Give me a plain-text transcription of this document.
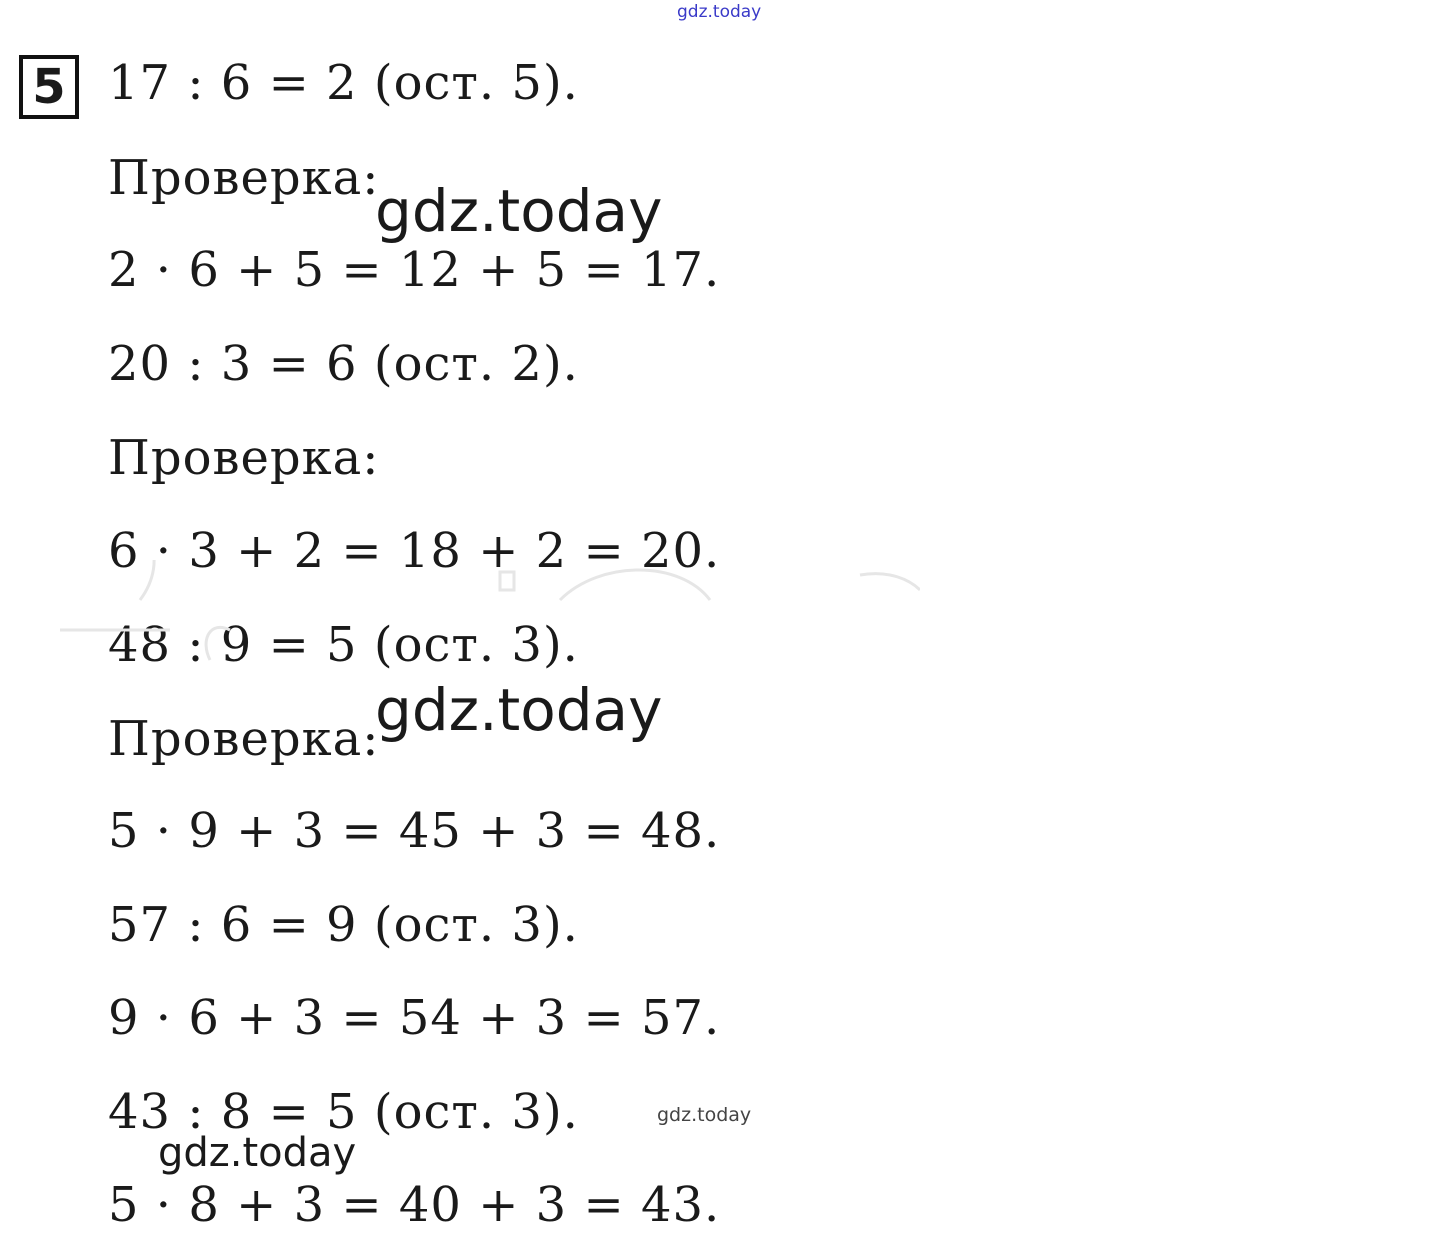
gdz.today
5 17 : 6 = 2 (ост. 5).
Проверка:
2 · 6 + 5 = 12 + 5 = 17.
20 : 3 = 6 (ост. 2).
Проверка:
6 · 3 + 2 = 18 + 2 = 20.
48 : 9 = 5 (ост. 3).
Проверка:
5 · 9 + 3 = 45 + 3 = 48.
57 : 6 = 9 (ост. 3).
9 · 6 + 3 = 54 + 3 = 57.
43 : 8 = 5 (ост. 3).
5 · 8 + 3 = 40 + 3 = 43.
gdz.today
gdz.today
gdz.today
gdz.today
